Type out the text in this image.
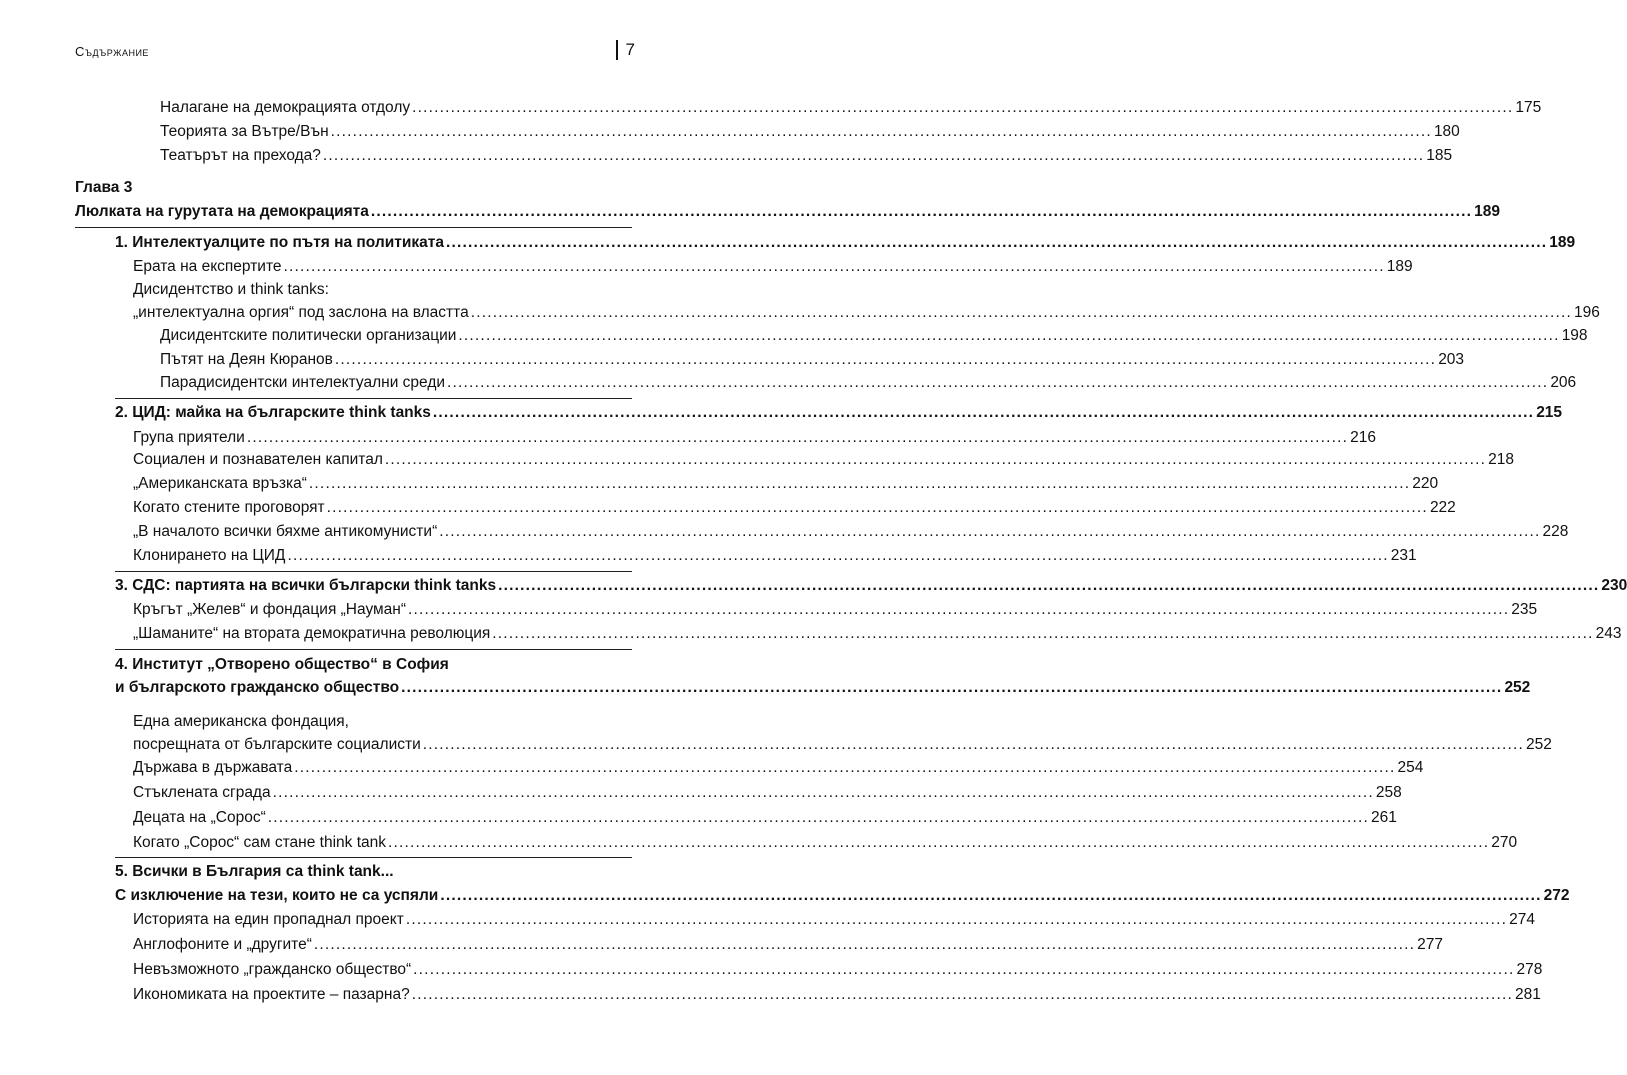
Съдържание	7
Налагане на демокрацията отдолу ........................................................................................................................................................................................................ 175
Теорията за Вътре/Вън ........................................................................................................................................................................................................ 180
Театърът на прехода? ........................................................................................................................................................................................................ 185
Глава 3
Люлката на гурутата на демокрацията ........................................................................................................................................................................................................ 189
1. Интелектуалците по пътя на политиката ........................................................................................................................................................................................................ 189
Ерата на експертите ........................................................................................................................................................................................................ 189
Дисидентство и think tanks:
„интелектуална оргия“ под заслона на властта ........................................................................................................................................................................................................ 196
Дисидентските политически организации ........................................................................................................................................................................................................ 198
Пътят на Деян Кюранов ........................................................................................................................................................................................................ 203
Парадисидентски интелектуални среди ........................................................................................................................................................................................................ 206
2. ЦИД: майка на българските think tanks ........................................................................................................................................................................................................ 215
Група приятели ........................................................................................................................................................................................................ 216
Социален и познавателен капитал ........................................................................................................................................................................................................ 218
„Американската връзка“ ........................................................................................................................................................................................................ 220
Когато стените проговорят ........................................................................................................................................................................................................ 222
„В началото всички бяхме антикомунисти“ ........................................................................................................................................................................................................ 228
Клонирането на ЦИД ........................................................................................................................................................................................................ 231
3. СДС: партията на всички български think tanks ........................................................................................................................................................................................................ 230
Кръгът „Желев“ и фондация „Науман“ ........................................................................................................................................................................................................ 235
„Шаманите“ на втората демократична революция ........................................................................................................................................................................................................ 243
4. Институт „Отворено общество“ в София
и българското гражданско общество ........................................................................................................................................................................................................ 252
Една американска фондация,
посрещната от българските социалисти ........................................................................................................................................................................................................ 252
Държава в държавата ........................................................................................................................................................................................................ 254
Стъклената сграда ........................................................................................................................................................................................................ 258
Децата на „Сорос“ ........................................................................................................................................................................................................ 261
Когато „Сорос“ сам стане think tank ........................................................................................................................................................................................................ 270
5. Всички в България са think tank...
С изключение на тези, които не са успяли ........................................................................................................................................................................................................ 272
Историята на един пропаднал проект ........................................................................................................................................................................................................ 274
Англофоните и „другите“ ........................................................................................................................................................................................................ 277
Невъзможното „гражданско общество“ ........................................................................................................................................................................................................ 278
Икономиката на проектите – пазарна? ........................................................................................................................................................................................................ 281
